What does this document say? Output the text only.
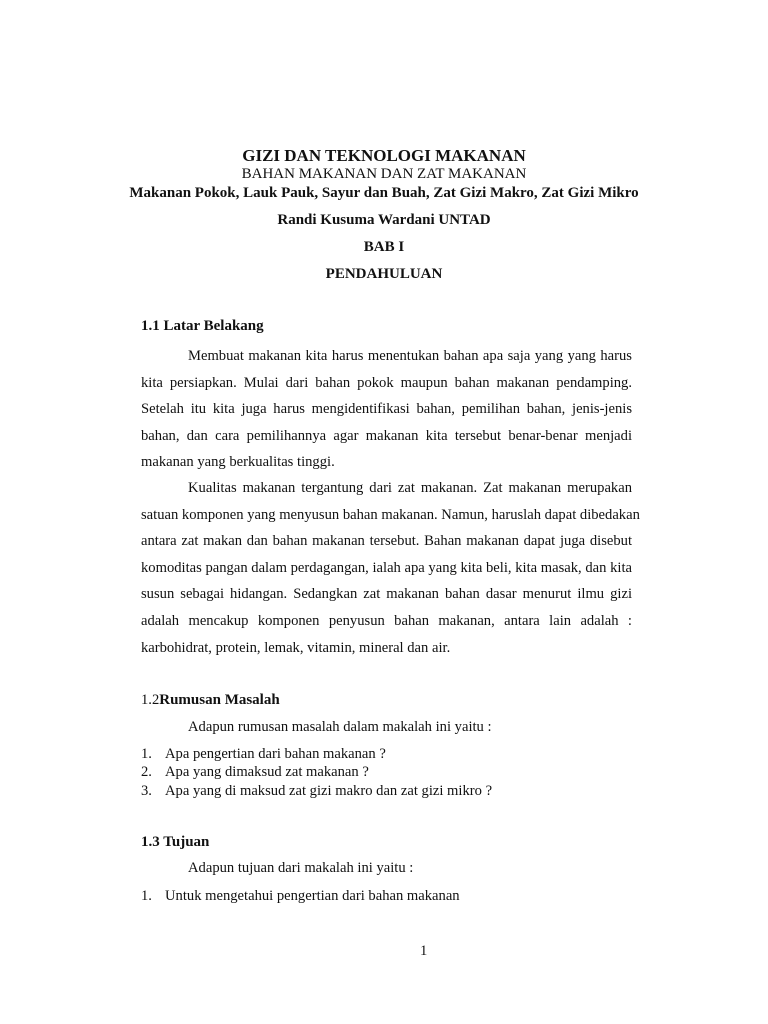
GIZI DAN TEKNOLOGI MAKANAN
BAHAN MAKANAN DAN ZAT MAKANAN
Makanan Pokok, Lauk Pauk, Sayur dan Buah, Zat Gizi Makro, Zat Gizi Mikro
Randi Kusuma Wardani UNTAD
BAB I
PENDAHULUAN
1.1 Latar Belakang
Membuat makanan kita harus menentukan bahan apa saja yang yang harus
kita persiapkan. Mulai dari bahan pokok maupun bahan makanan pendamping.
Setelah itu kita juga harus mengidentifikasi bahan, pemilihan bahan, jenis-jenis
bahan, dan cara pemilihannya agar makanan kita tersebut benar-benar menjadi
makanan yang berkualitas tinggi.
Kualitas makanan tergantung dari zat makanan. Zat makanan merupakan
satuan komponen yang menyusun bahan makanan. Namun, haruslah dapat dibedakan
antara zat makan dan bahan makanan tersebut. Bahan makanan dapat juga disebut
komoditas pangan dalam perdagangan, ialah apa yang kita beli, kita masak, dan kita
susun sebagai hidangan. Sedangkan zat makanan bahan dasar menurut ilmu gizi
adalah mencakup komponen penyusun bahan makanan, antara lain adalah :
karbohidrat, protein, lemak, vitamin, mineral dan air.
1.2Rumusan Masalah
Adapun rumusan masalah dalam makalah ini yaitu :
1. Apa pengertian dari bahan makanan ?
2. Apa yang dimaksud zat makanan ?
3. Apa yang di maksud zat gizi makro dan zat gizi mikro ?
1.3 Tujuan
Adapun tujuan dari makalah ini yaitu :
1. Untuk mengetahui pengertian dari bahan makanan
1
